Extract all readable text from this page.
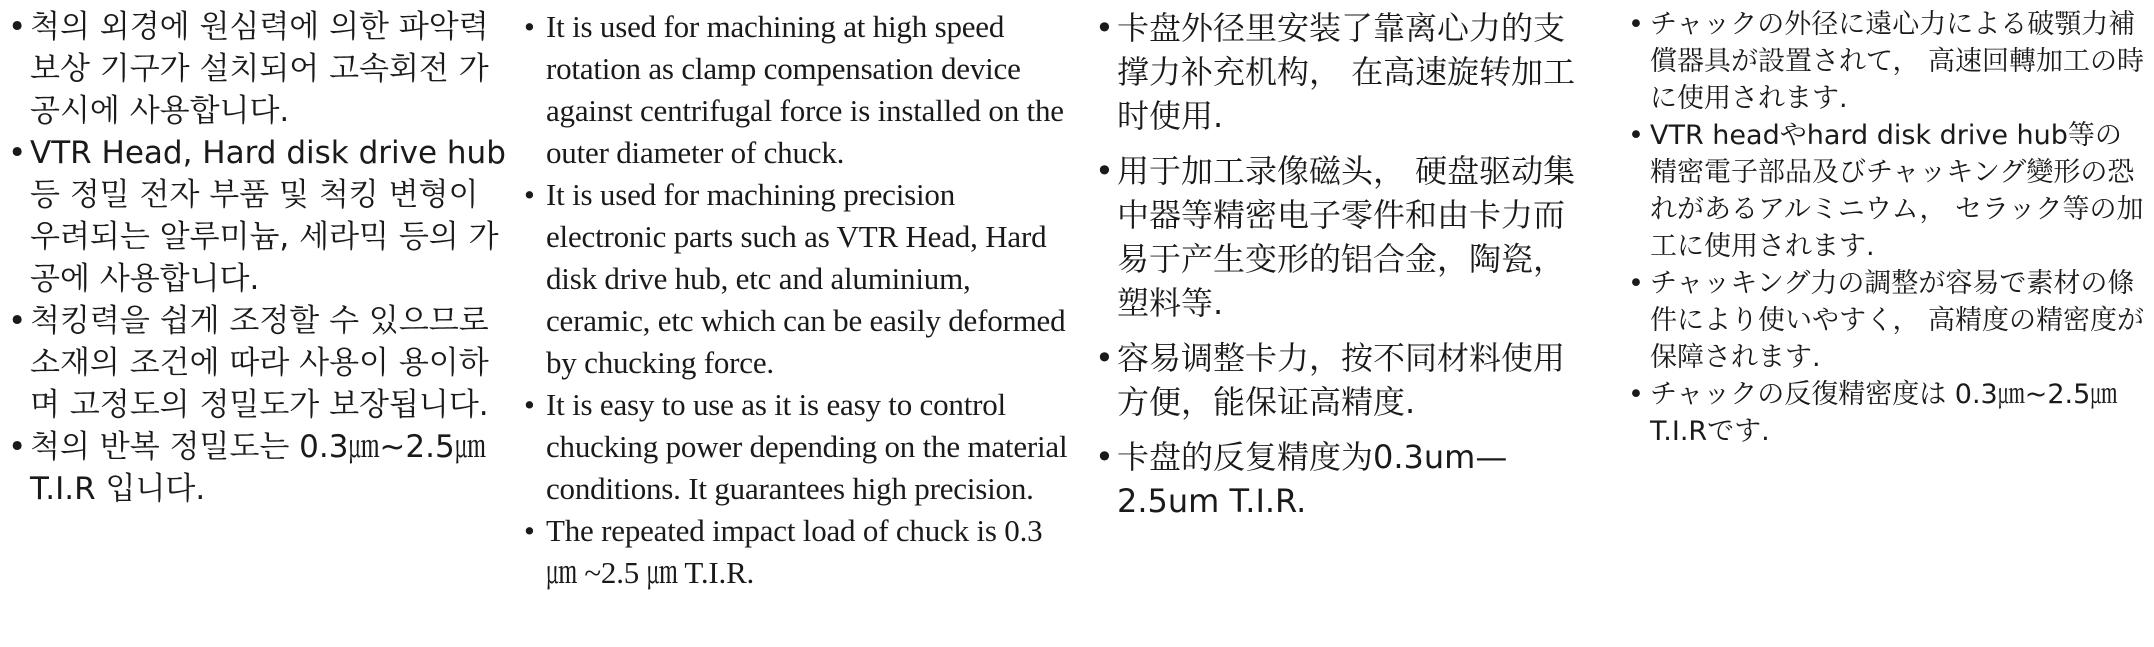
• 척의 외경에 원심력에 의한 파악력 보상 기구가 설치되어 고속회전 가공시에 사용합니다.
• VTR Head, Hard disk drive hub등 정밀 전자 부품 및 척킹 변형이 우려되는 알루미늄, 세라믹 등의 가공에 사용합니다.
• 척킹력을 쉽게 조정할 수 있으므로 소재의 조건에 따라 사용이 용이하며 고정도의 정밀도가 보장됩니다.
• 척의 반복 정밀도는 0.3㎛~2.5㎛ T.I.R 입니다.
• It is used for machining at high speed rotation as clamp compensation device against centrifugal force is installed on the outer diameter of chuck.
• It is used for machining precision electronic parts such as VTR Head, Hard disk drive hub, etc and aluminium, ceramic, etc which can be easily deformed by chucking force.
• It is easy to use as it is easy to control chucking power depending on the material conditions. It guarantees high precision.
• The repeated impact load of chuck is 0.3 ㎛ ~2.5 ㎛ T.I.R.
• 卡盘外径里安装了靠离心力的支撑力补充机构， 在高速旋转加工时使用.
• 用于加工录像磁头， 硬盘驱动集中器等精密电子零件和由卡力而易于产生变形的铝合金，陶瓷，塑料等.
• 容易调整卡力，按不同材料使用方便，能保证高精度.
• 卡盘的反复精度为0.3um—2.5um T.I.R.
• チャックの外径に遠心力による破顎力補償器具が設置されて， 高速回轉加工の時に使用されます.
• VTR headやhard disk drive hub等の精密電子部品及びチャッキング變形の恐れがあるアルミニウム， セラック等の加工に使用されます.
• チャッキング力の調整が容易で素材の條件により使いやすく， 高精度の精密度が保障されます.
• チャックの反復精密度は 0.3㎛~2.5㎛ T.I.Rです.
